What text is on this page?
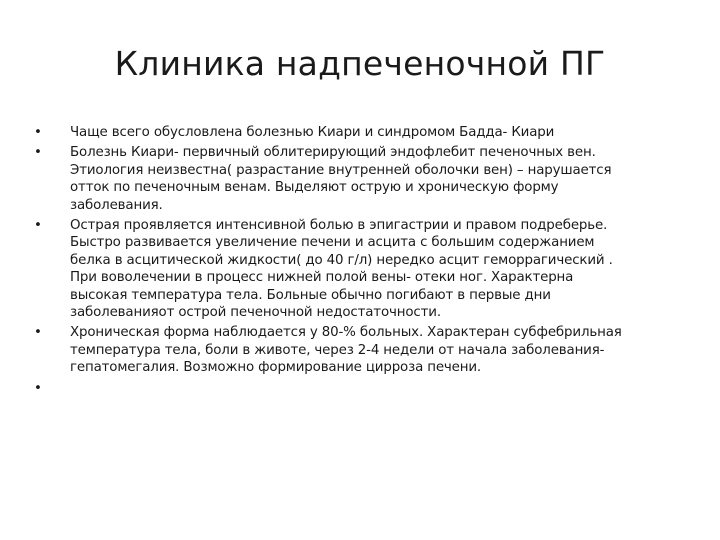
Клиника надпеченочной ПГ
•	Чаще всего обусловлена болезнью Киари и синдромом Бадда- Киари
•	Болезнь Киари- первичный облитерирующий эндофлебит печеночных вен.
Этиология неизвестна( разрастание внутренней оболочки вен) – нарушается
отток по печеночным венам. Выделяют острую и хроническую форму
заболевания.
•	Острая проявляется интенсивной болью в эпигастрии и правом подреберье.
Быстро развивается увеличение печени и асцита с большим содержанием
белка в асцитической жидкости( до 40 г/л) нередко асцит геморрагический .
При воволечении в процесс нижней полой вены- отеки ног. Характерна
высокая температура тела. Больные обычно погибают в первые дни
заболеванияот острой печеночной недостаточности.
•	Хроническая форма наблюдается у 80-% больных. Характеран субфебрильная
температура тела, боли в животе, через 2-4 недели от начала заболевания-
гепатомегалия. Возможно формирование цирроза печени.
•
